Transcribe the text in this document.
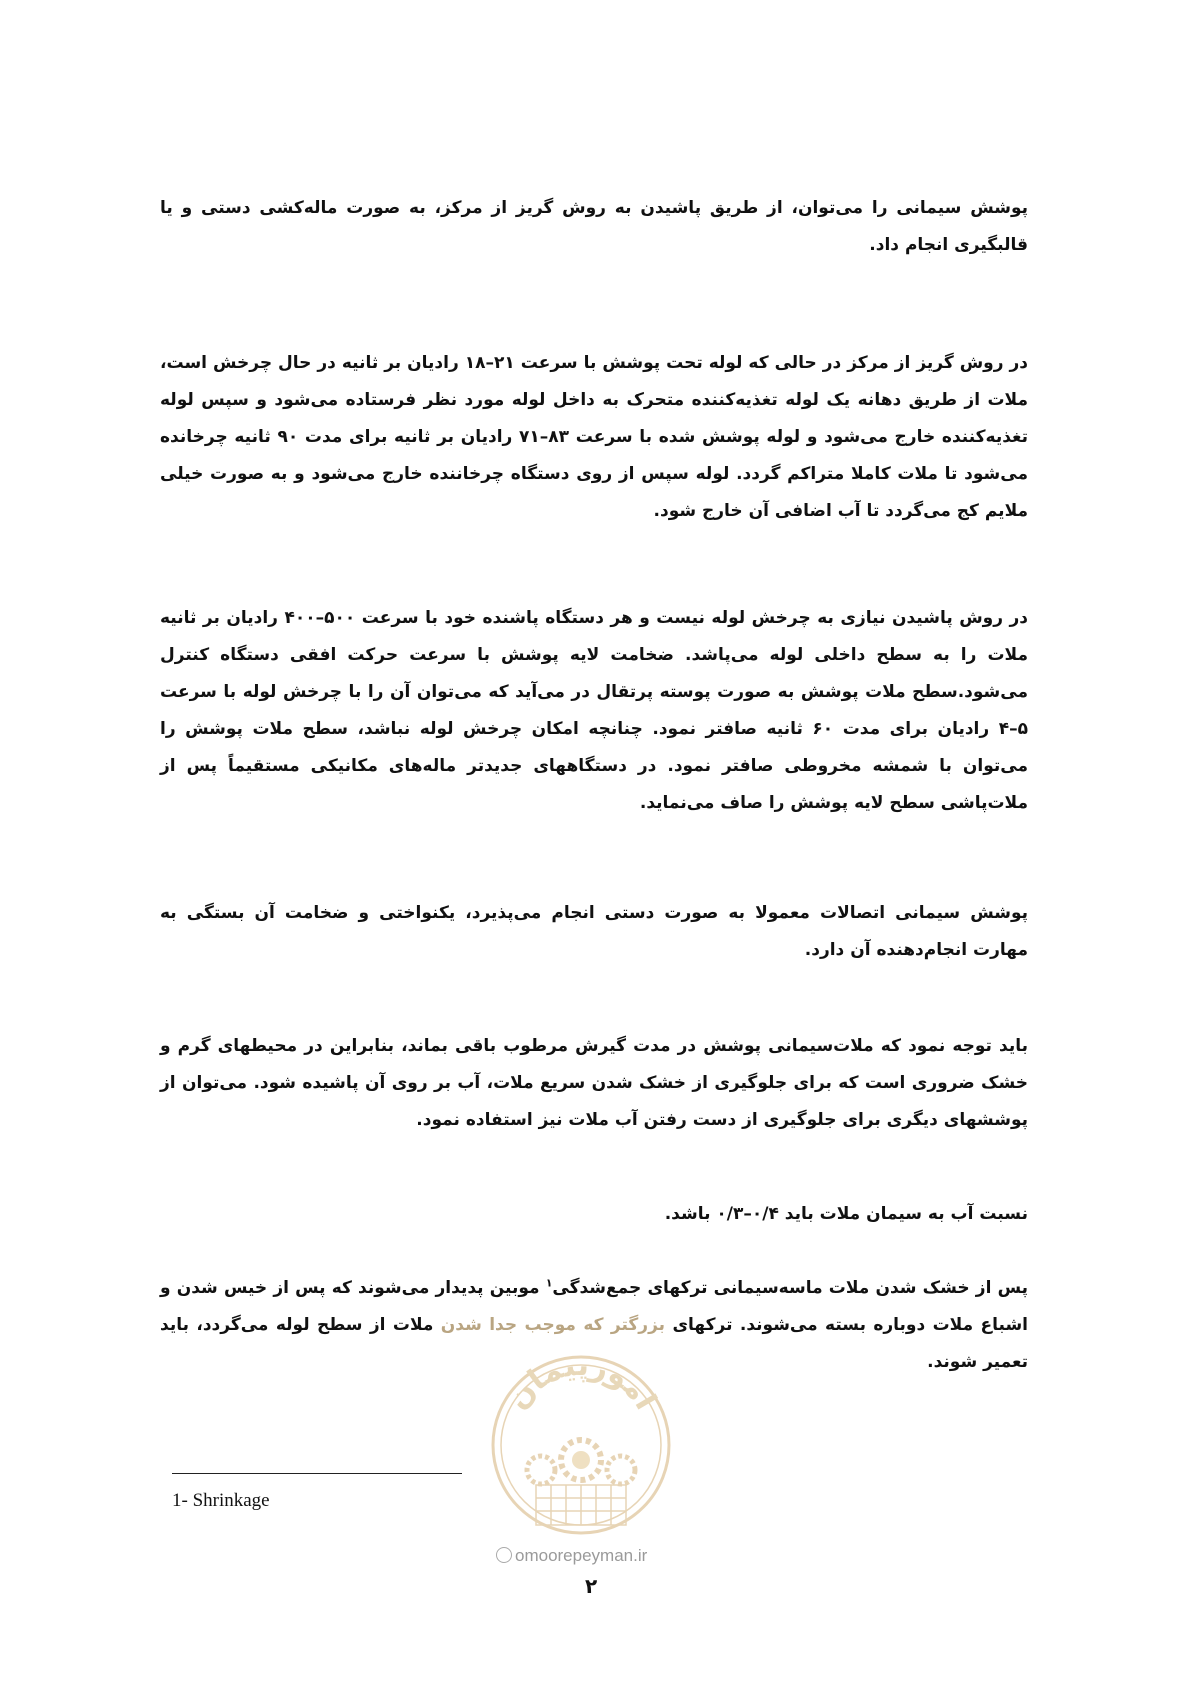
پوشش سیمانی را می‌توان، از طریق پاشیدن به روش گریز از مرکز، به صورت ماله‌کشی دستی و یا قالبگیری انجام داد.

در روش گریز از مرکز در حالی که لوله تحت پوشش با سرعت ۲۱–۱۸ رادیان بر ثانیه در حال چرخش است، ملات از طریق دهانه یک لوله تغذیه‌کننده متحرک به داخل لوله مورد نظر فرستاده می‌شود و سپس لوله تغذیه‌کننده خارج می‌شود و لوله پوشش شده با سرعت ۸۳–۷۱ رادیان بر ثانیه برای مدت ۹۰ ثانیه چرخانده می‌شود تا ملات کاملا متراکم گردد. لوله سپس از روی دستگاه چرخاننده خارج می‌شود و به صورت خیلی ملایم کج می‌گردد تا آب اضافی آن خارج شود.

در روش پاشیدن نیازی به چرخش لوله نیست و هر دستگاه پاشنده خود با سرعت ۵۰۰–۴۰۰ رادیان بر ثانیه ملات را به سطح داخلی لوله می‌پاشد. ضخامت لایه پوشش با سرعت حرکت افقی دستگاه کنترل می‌شود.سطح ملات پوشش به صورت پوسته پرتقال در می‌آید که می‌توان آن را با چرخش لوله با سرعت ۵–۴ رادیان برای مدت ۶۰ ثانیه صافتر نمود. چنانچه امکان چرخش لوله نباشد، سطح ملات پوشش را می‌توان با شمشه مخروطی صافتر نمود. در دستگاههای جدیدتر ماله‌های مکانیکی مستقیماً پس از ملات‌پاشی سطح لایه پوشش را صاف می‌نماید.

پوشش سیمانی اتصالات معمولا به صورت دستی انجام می‌پذیرد، یکنواختی و ضخامت آن بستگی به مهارت انجام‌دهنده آن دارد.

باید توجه نمود که ملات‌سیمانی پوشش در مدت گیرش مرطوب باقی بماند، بنابراین در محیطهای گرم و خشک ضروری است که برای جلوگیری از خشک شدن سریع ملات، آب بر روی آن پاشیده شود. می‌توان از پوششهای دیگری برای جلوگیری از دست رفتن آب ملات نیز استفاده نمود.

نسبت آب به سیمان ملات باید ۰/۴–۰/۳ باشد.

پس از خشک شدن ملات ماسه‌سیمانی ترکهای جمع‌شدگی$^۱$ موبین پدیدار می‌شوند که پس از خیس شدن و اشباع ملات دوباره بسته می‌شوند. ترکهای بزرگتر که موجب جدا شدن ملات از سطح لوله می‌گردد، باید تعمیر شوند.

امورپیمان
1- Shrinkage
omoorepeyman.ir
۲
